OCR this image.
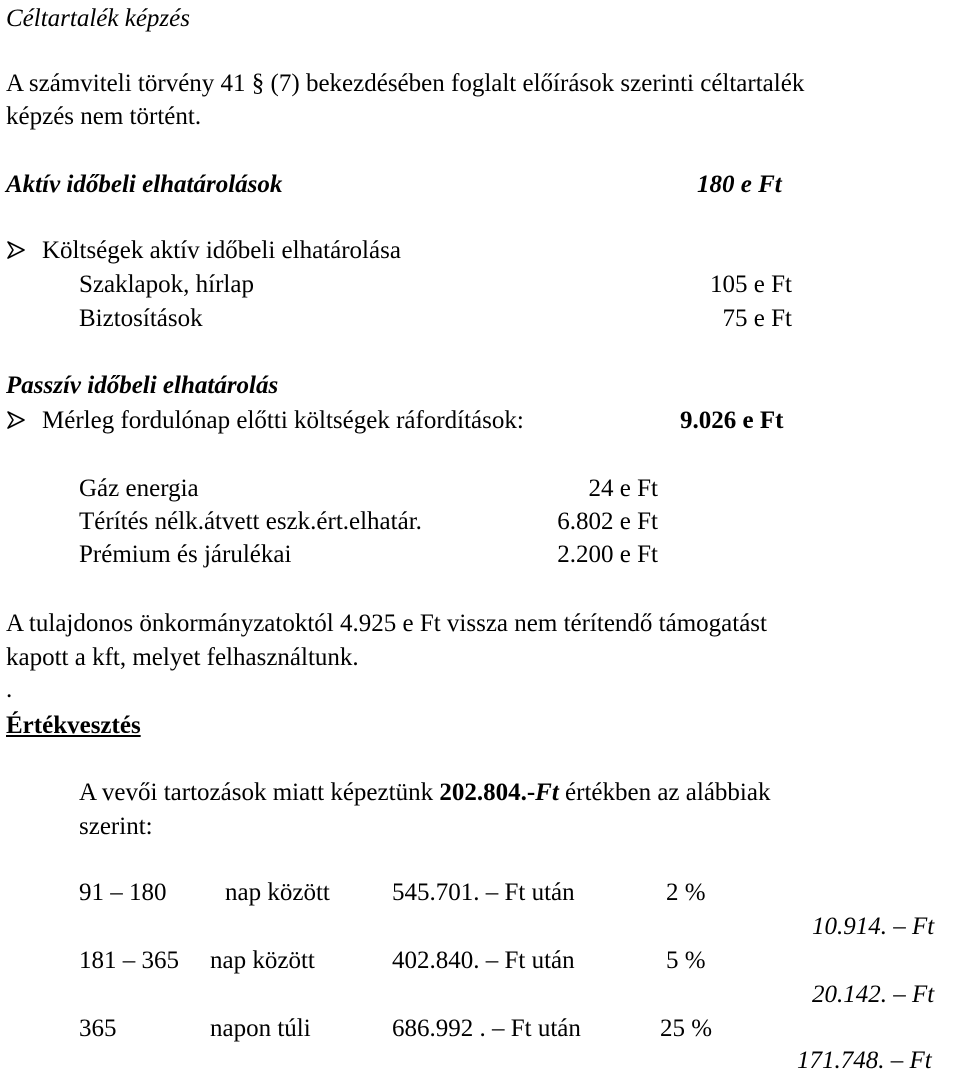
Céltartalék képzés
A számviteli törvény 41 § (7) bekezdésében foglalt előírások szerinti céltartalék
képzés nem történt.
Aktív időbeli elhatárolások	180 e Ft
Költségek aktív időbeli elhatárolása
Szaklapok, hírlap	105 e Ft
Biztosítások	75 e Ft
Passzív időbeli elhatárolás
Mérleg fordulónap előtti költségek ráfordítások:	9.026 e Ft
Gáz energia	24 e Ft
Térítés nélk.átvett eszk.ért.elhatár.	6.802 e Ft
Prémium és járulékai	2.200 e Ft
A tulajdonos önkormányzatoktól 4.925 e Ft vissza nem térítendő támogatást
kapott a kft, melyet felhasználtunk.
.
Értékvesztés
A vevői tartozások miatt képeztünk 202.804.-Ft értékben az alábbiak
szerint:
91 – 180 nap között 545.701. – Ft után	2 %
10.914. – Ft
181 – 365 nap között	402.840. – Ft után	5 %
20.142. – Ft
365	napon túli	686.992 . – Ft után	25 %
171.748. – Ft
